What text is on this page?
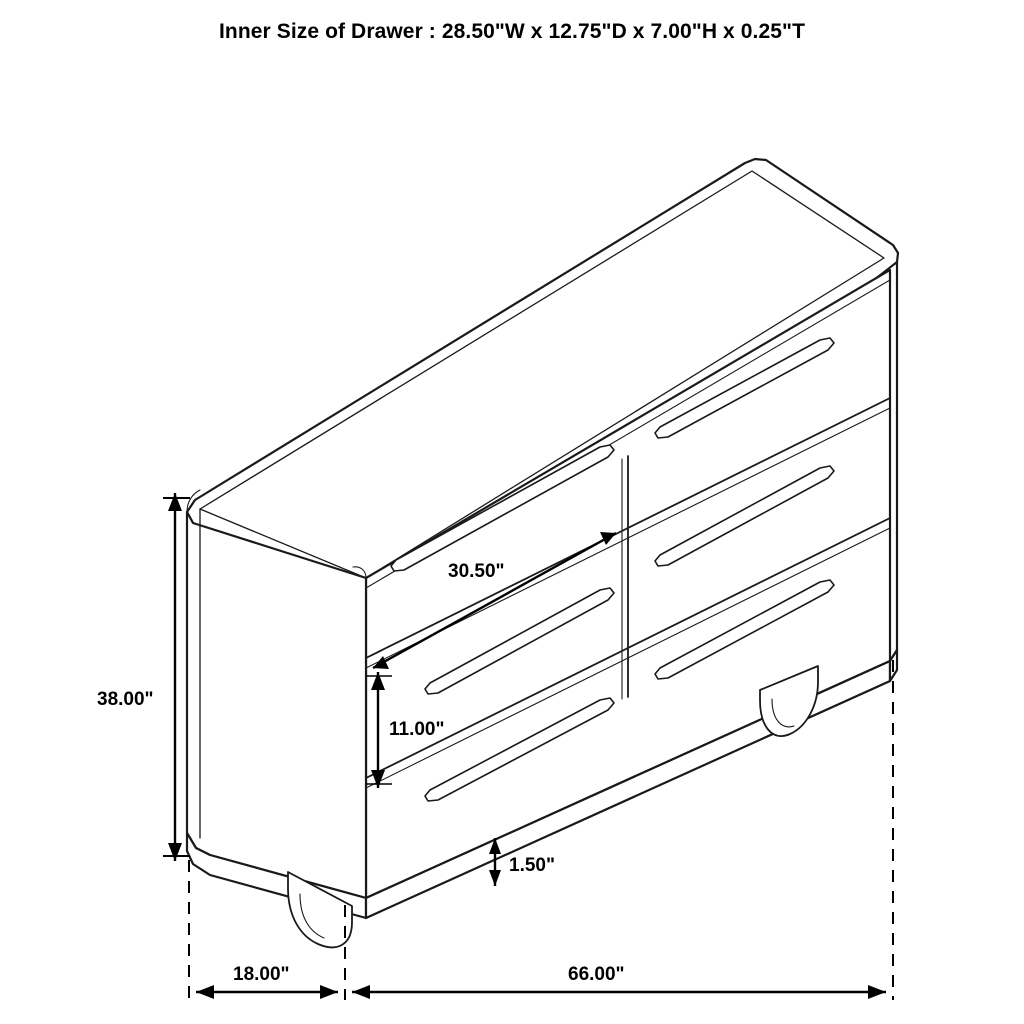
Inner Size of Drawer : 28.50"W x 12.75"D x 7.00"H x 0.25"T
30.50"
38.00"
11.00"
1.50"
18.00"	66.00"
